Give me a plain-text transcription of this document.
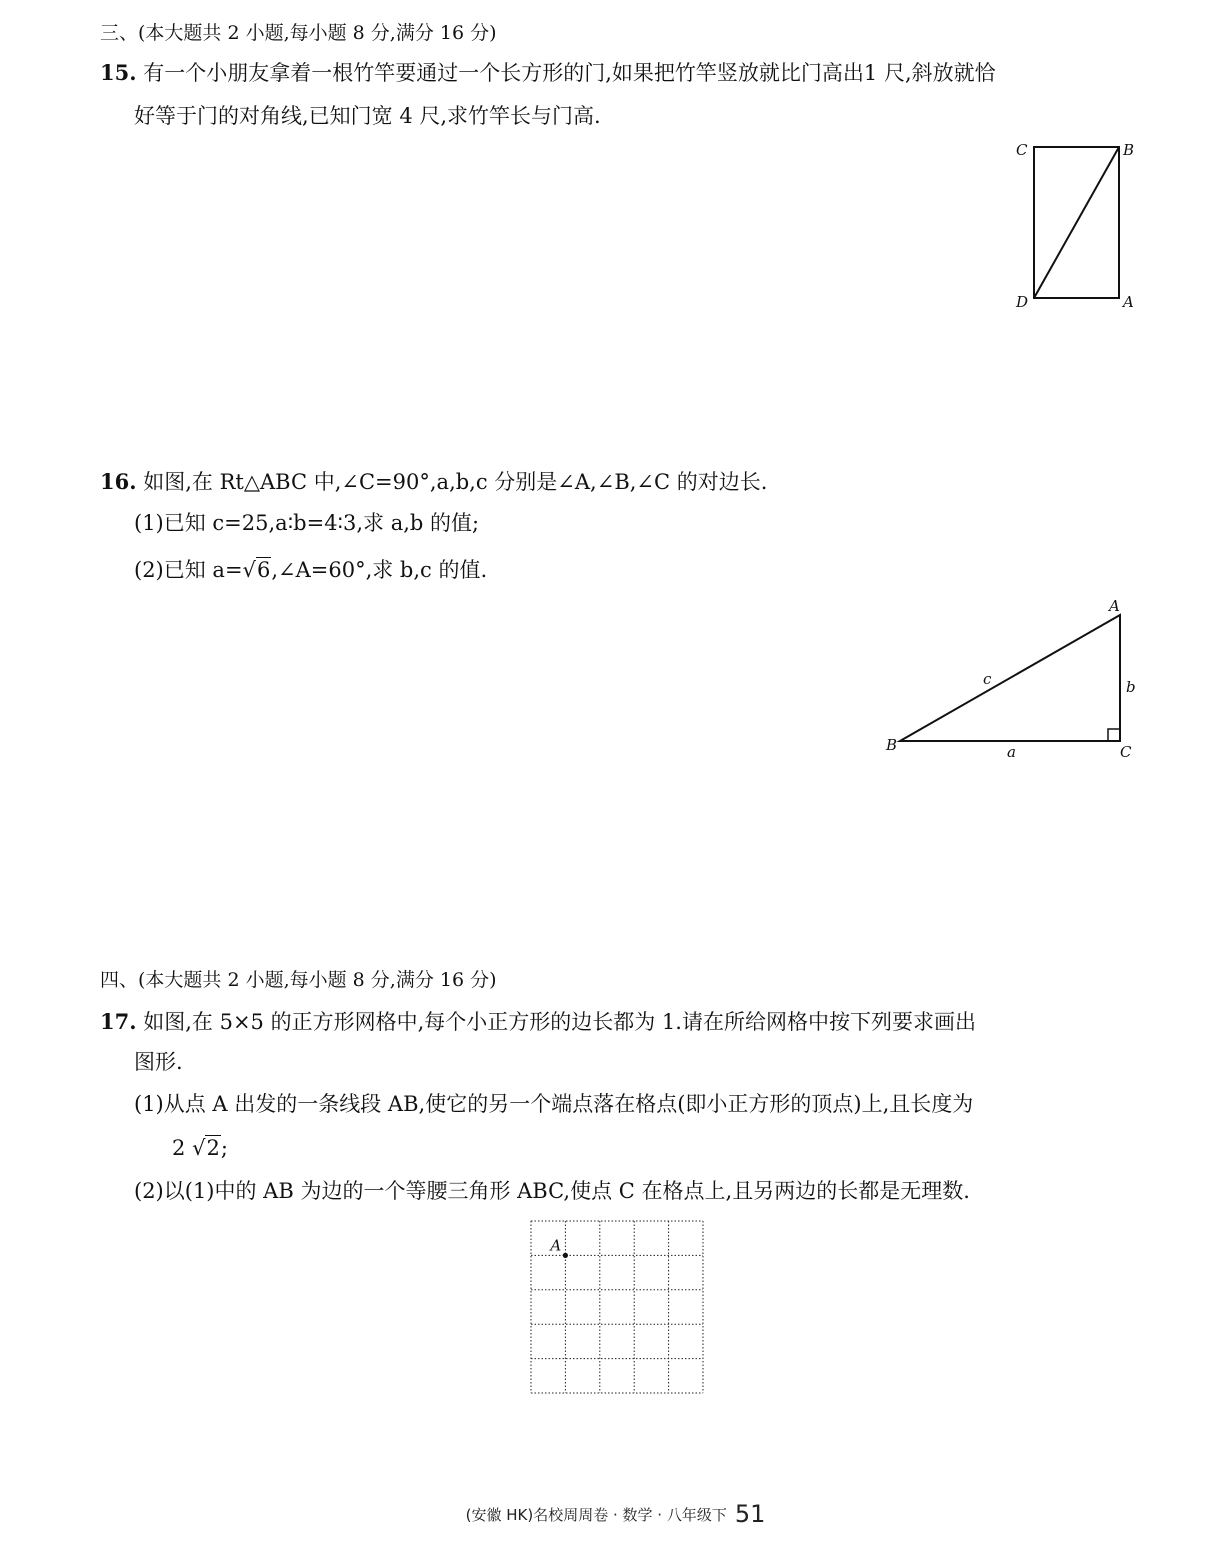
三、(本大题共 2 小题,每小题 8 分,满分 16 分)
15. 有一个小朋友拿着一根竹竿要通过一个长方形的门,如果把竹竿竖放就比门高出1 尺,斜放就恰
好等于门的对角线,已知门宽 4 尺,求竹竿长与门高.
C	B
D	A
16. 如图,在 Rt△ABC 中,∠C=90°,a,b,c 分别是∠A,∠B,∠C 的对边长.
(1)已知 c=25,a∶b=4∶3,求 a,b 的值;
(2)已知 a=√6,∠A=60°,求 b,c 的值.
A
B	C
a
b
c
四、(本大题共 2 小题,每小题 8 分,满分 16 分)
17. 如图,在 5×5 的正方形网格中,每个小正方形的边长都为 1.请在所给网格中按下列要求画出
图形.
(1)从点 A 出发的一条线段 AB,使它的另一个端点落在格点(即小正方形的顶点)上,且长度为
2 √2;
(2)以(1)中的 AB 为边的一个等腰三角形 ABC,使点 C 在格点上,且另两边的长都是无理数.
A
(安徽 HK)名校周周卷 · 数学 · 八年级下 51
